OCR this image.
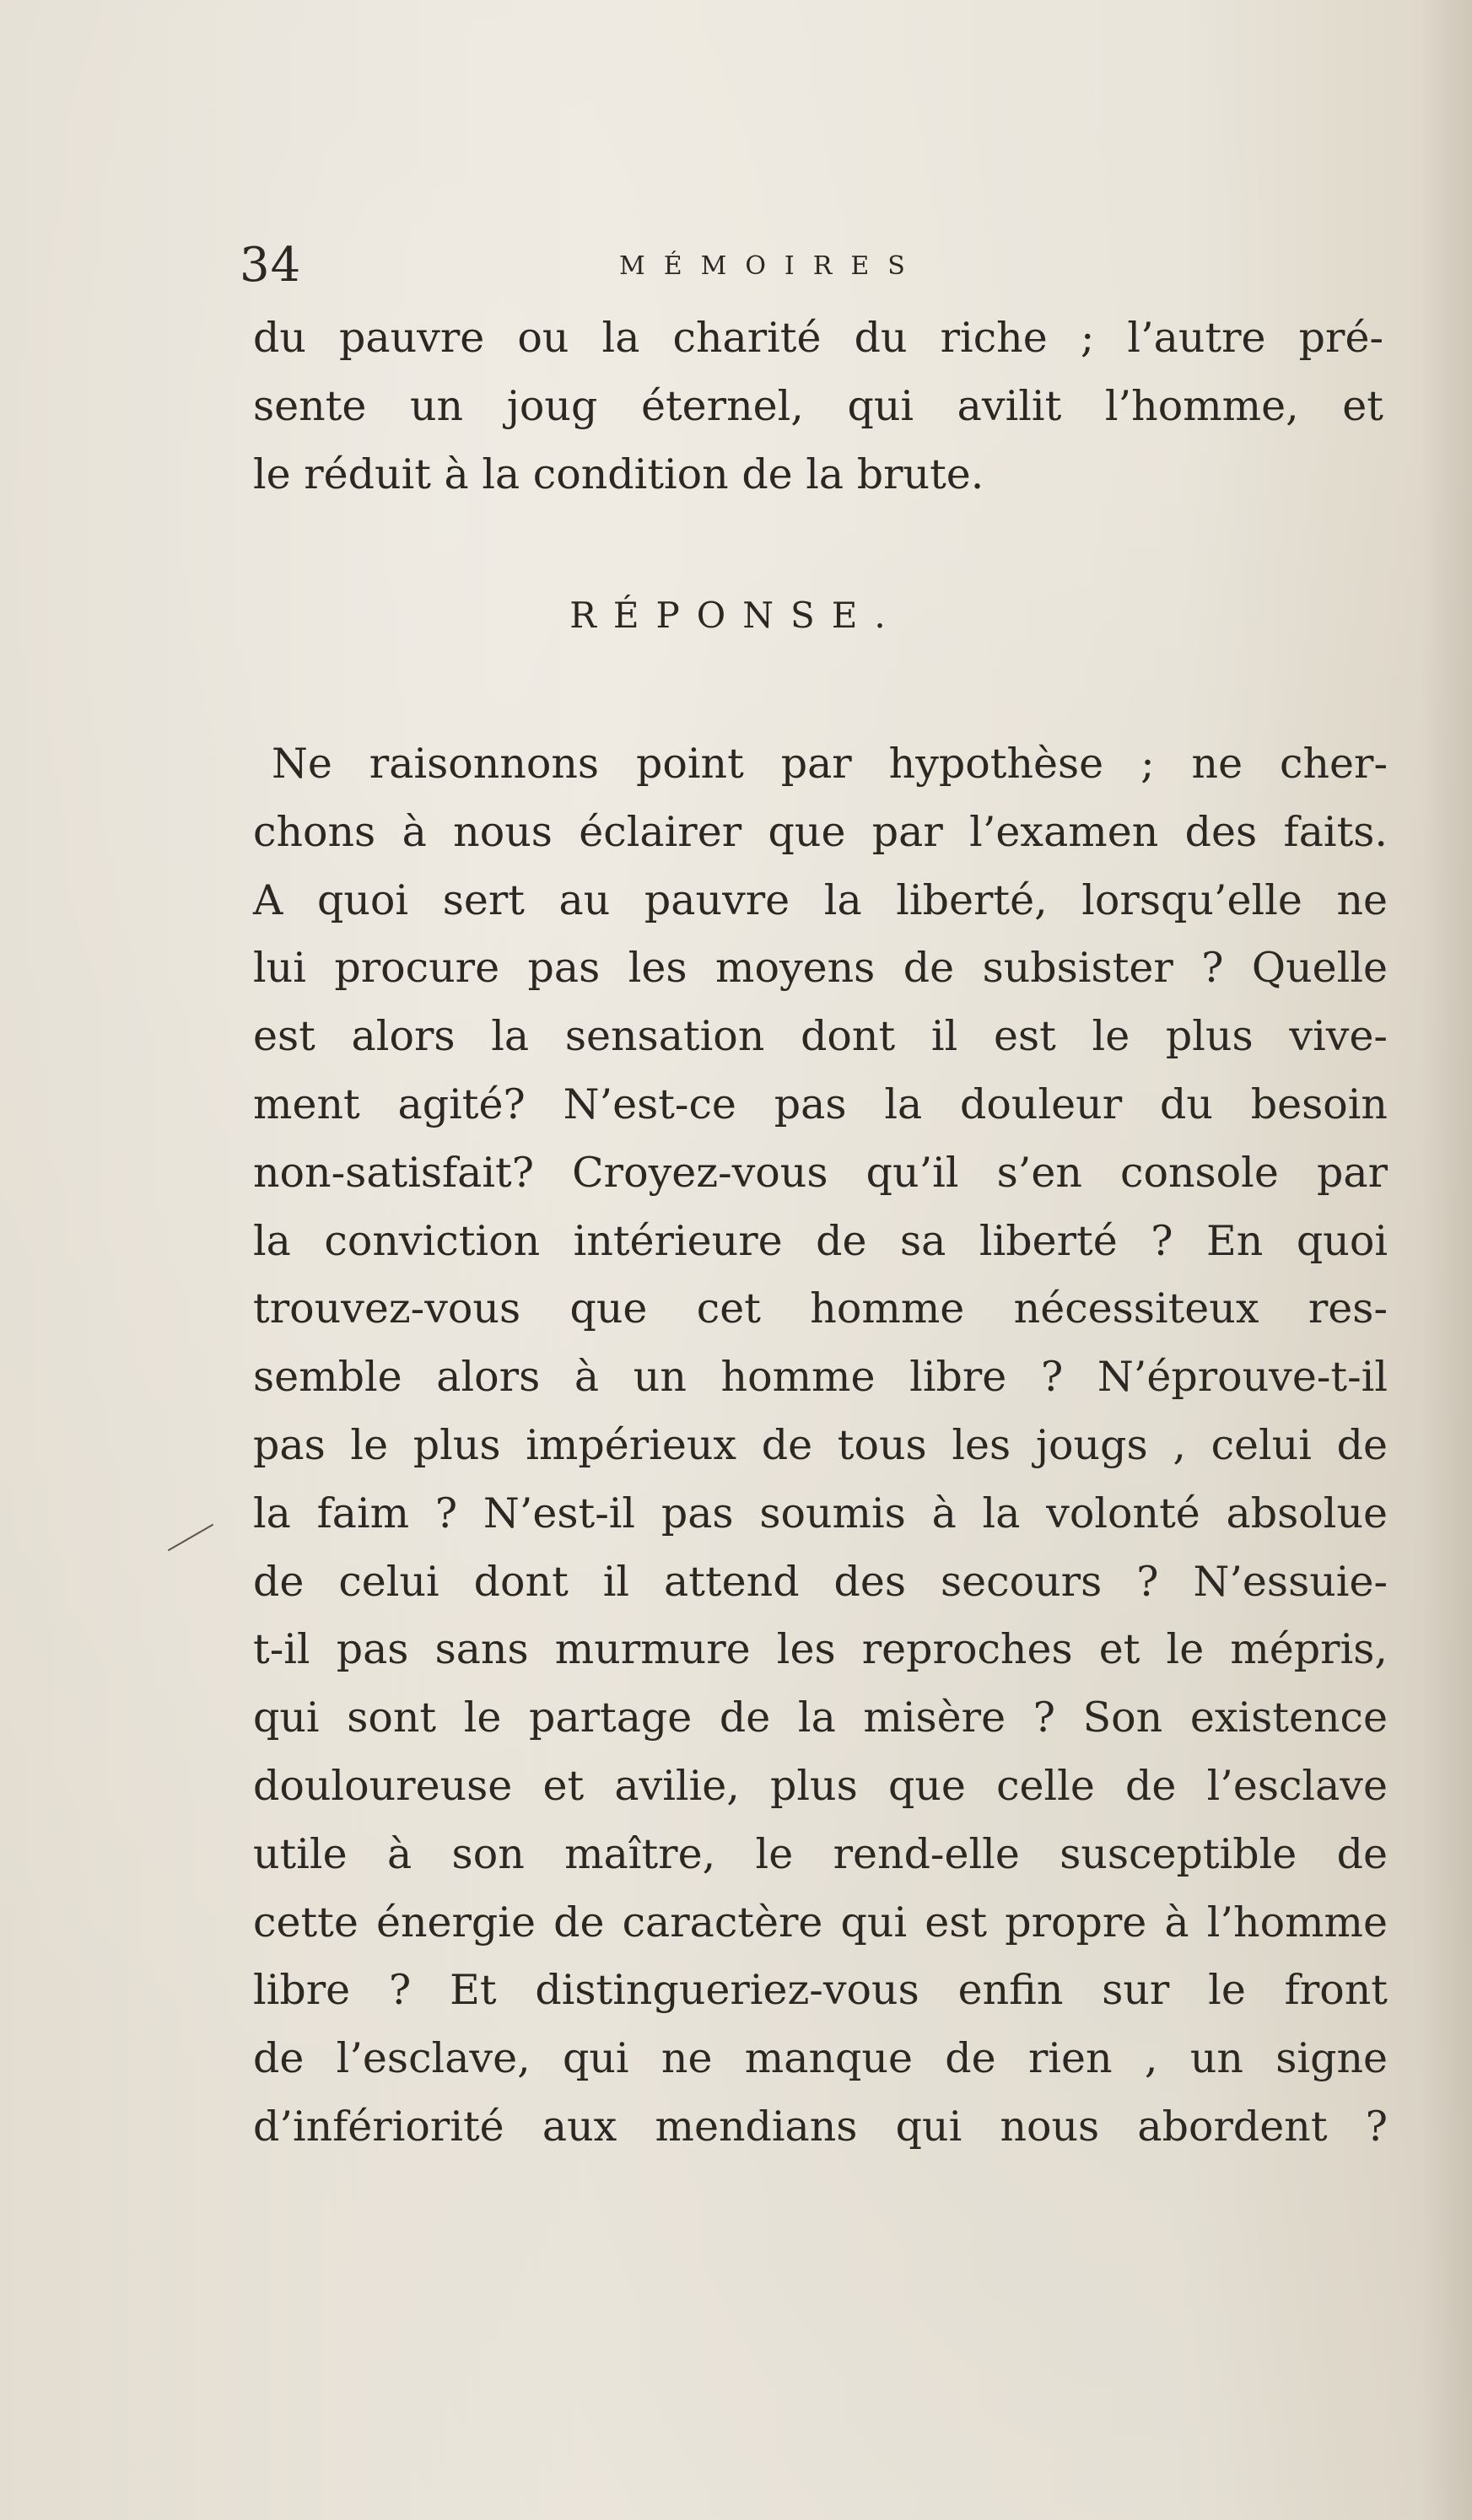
34	MÉMOIRES
du pauvre ou la charité du riche ; l’autre pré-
sente un joug éternel, qui avilit l’homme, et
le réduit à la condition de la brute.
RÉPONSE.
Ne raisonnons point par hypothèse ; ne cher-
chons à nous éclairer que par l’examen des faits.
A quoi sert au pauvre la liberté, lorsqu’elle ne
lui procure pas les moyens de subsister ? Quelle
est alors la sensation dont il est le plus vive-
ment agité? N’est-ce pas la douleur du besoin
non-satisfait? Croyez-vous qu’il s’en console par
la conviction intérieure de sa liberté ? En quoi
trouvez-vous que cet homme nécessiteux res-
semble alors à un homme libre ? N’éprouve-t-il
pas le plus impérieux de tous les jougs , celui de
la faim ? N’est-il pas soumis à la volonté absolue
de celui dont il attend des secours ? N’essuie-
t-il pas sans murmure les reproches et le mépris,
qui sont le partage de la misère ? Son existence
douloureuse et avilie, plus que celle de l’esclave
utile à son maître, le rend-elle susceptible de
cette énergie de caractère qui est propre à l’homme
libre ? Et distingueriez-vous enfin sur le front
de l’esclave, qui ne manque de rien , un signe
d’infériorité aux mendians qui nous abordent ?
